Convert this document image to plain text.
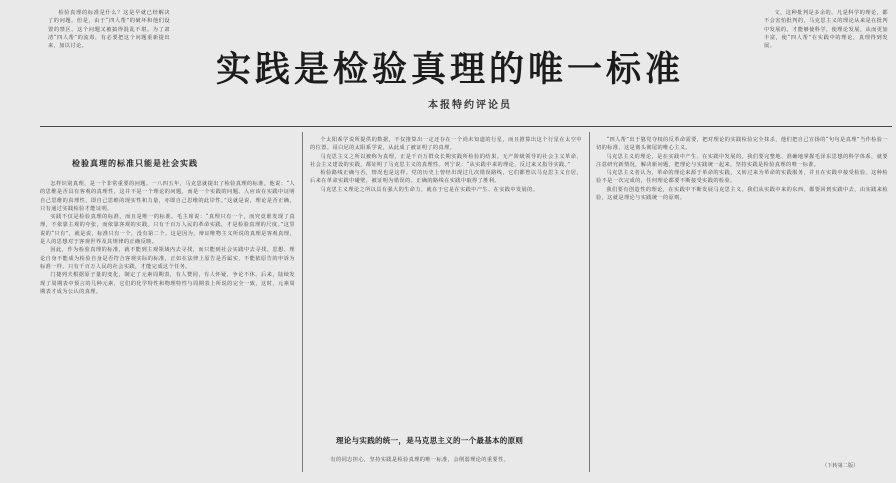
检验真理的标准是什么？这是早就已经解决了的问题。但是，由于“四人帮”的破坏和他们设置的禁区，这个问题又被搞得混乱不堪。为了肃清“四人帮”的流毒，有必要把这个问题重新提出来，加以讨论。

文，这种批判是多余的。凡是科学的理论，都不会害怕批判的，马克思主义的理论从来是在批判中发展的，才能够使科学，使理论发展，从而更加丰富，使“四人帮”在实践中的理论，真理得到发展。

实践是检验真理的唯一标准
本报特约评论员
检验真理的标准只能是社会实践

怎样识别真理，是一个非常重要的问题。一八四五年，马克思就提出了检验真理的标准。他说：“人的思维是否具有客观的真理性，这并不是一个理论的问题，而是一个实践的问题。人应该在实践中证明自己思维的真理性，即自己思维的现实性和力量，亦即自己思维的此岸性。”这就是说，理论是否正确，只有通过实践检验才能证明。

实践不仅是检验真理的标准，而且是唯一的标准。毛主席说：“真理只有一个，而究竟谁发现了真理，不依靠主观的夸张，而依靠客观的实践。只有千百万人民的革命实践，才是检验真理的尺度。”这里说的“只有”，就是说，标准只有一个，没有第二个。这是因为，辩证唯物主义所说的真理是客观真理，是人的思想对于客观世界及其规律的正确反映。

因此，作为检验真理的标准，就不能到主观领域内去寻找，而只能到社会实践中去寻找。思想、理论自身不能成为检验自身是否符合客观实际的标准，正如在法律上原告是否属实，不能依原告的申诉为标准一样。只有千百万人民的社会实践，才能完成这个任务。

门捷列夫根据原子量的变化，制定了元素周期表，有人赞同，有人怀疑，争论不休。后来，陆续发现了周期表中预言的几种元素，它们的化学特性和物理特性与周期表上所说的完全一致，这时，元素周期表才成为公认的真理。

个太阳系学说所提供的数据，不仅推算出一定还存在一个尚未知道的行星，而且推算出这个行星在太空中的位置。哥白尼的太阳系学说，从此成了被证明了的真理。

马克思主义之所以被称为真理，正是千百万群众长期实践所检验的结果。无产阶级领导的社会主义革命、社会主义建设的实践，都证明了马克思主义的真理性。列宁说：“从实践中来的理论，反过来又指导实践。”

检验路线正确与否，情况也是这样。党的历史上曾经出现过几次错误路线，它们都曾以马克思主义自居，后来在革命实践中碰壁，被证明为错误的。正确的路线在实践中取得了胜利。

马克思主义理论之所以具有强大的生命力，就在于它是在实践中产生、在实践中发展的。

理论与实践的统一，是马克思主义的一个最基本的原则

有的同志担心，坚持实践是检验真理的唯一标准，会削弱理论的重要性。

“四人帮”出于篡党夺权的反革命需要，把对理论的实践检验完全抹杀，他们把自己宣扬的“句句是真理”当作检验一切的标准，这是彻头彻尾的唯心主义。

马克思主义的理论，是在实践中产生、在实践中发展的。我们要完整地、准确地掌握毛泽东思想的科学体系，就要注意研究新情况，解决新问题，把理论与实践统一起来，坚持实践是检验真理的唯一标准。

马克思主义者认为，革命的理论来源于革命的实践，又转过来为革命的实践服务，并且在实践中接受检验。这种检验不是一次完成的，任何理论都要不断接受实践的检验。

我们要有创造性的理论，在实践中不断发展马克思主义。我们从实践中来的东西，都要回到实践中去，由实践来检验，这就是理论与实践统一的原则。

（下转第二版）
